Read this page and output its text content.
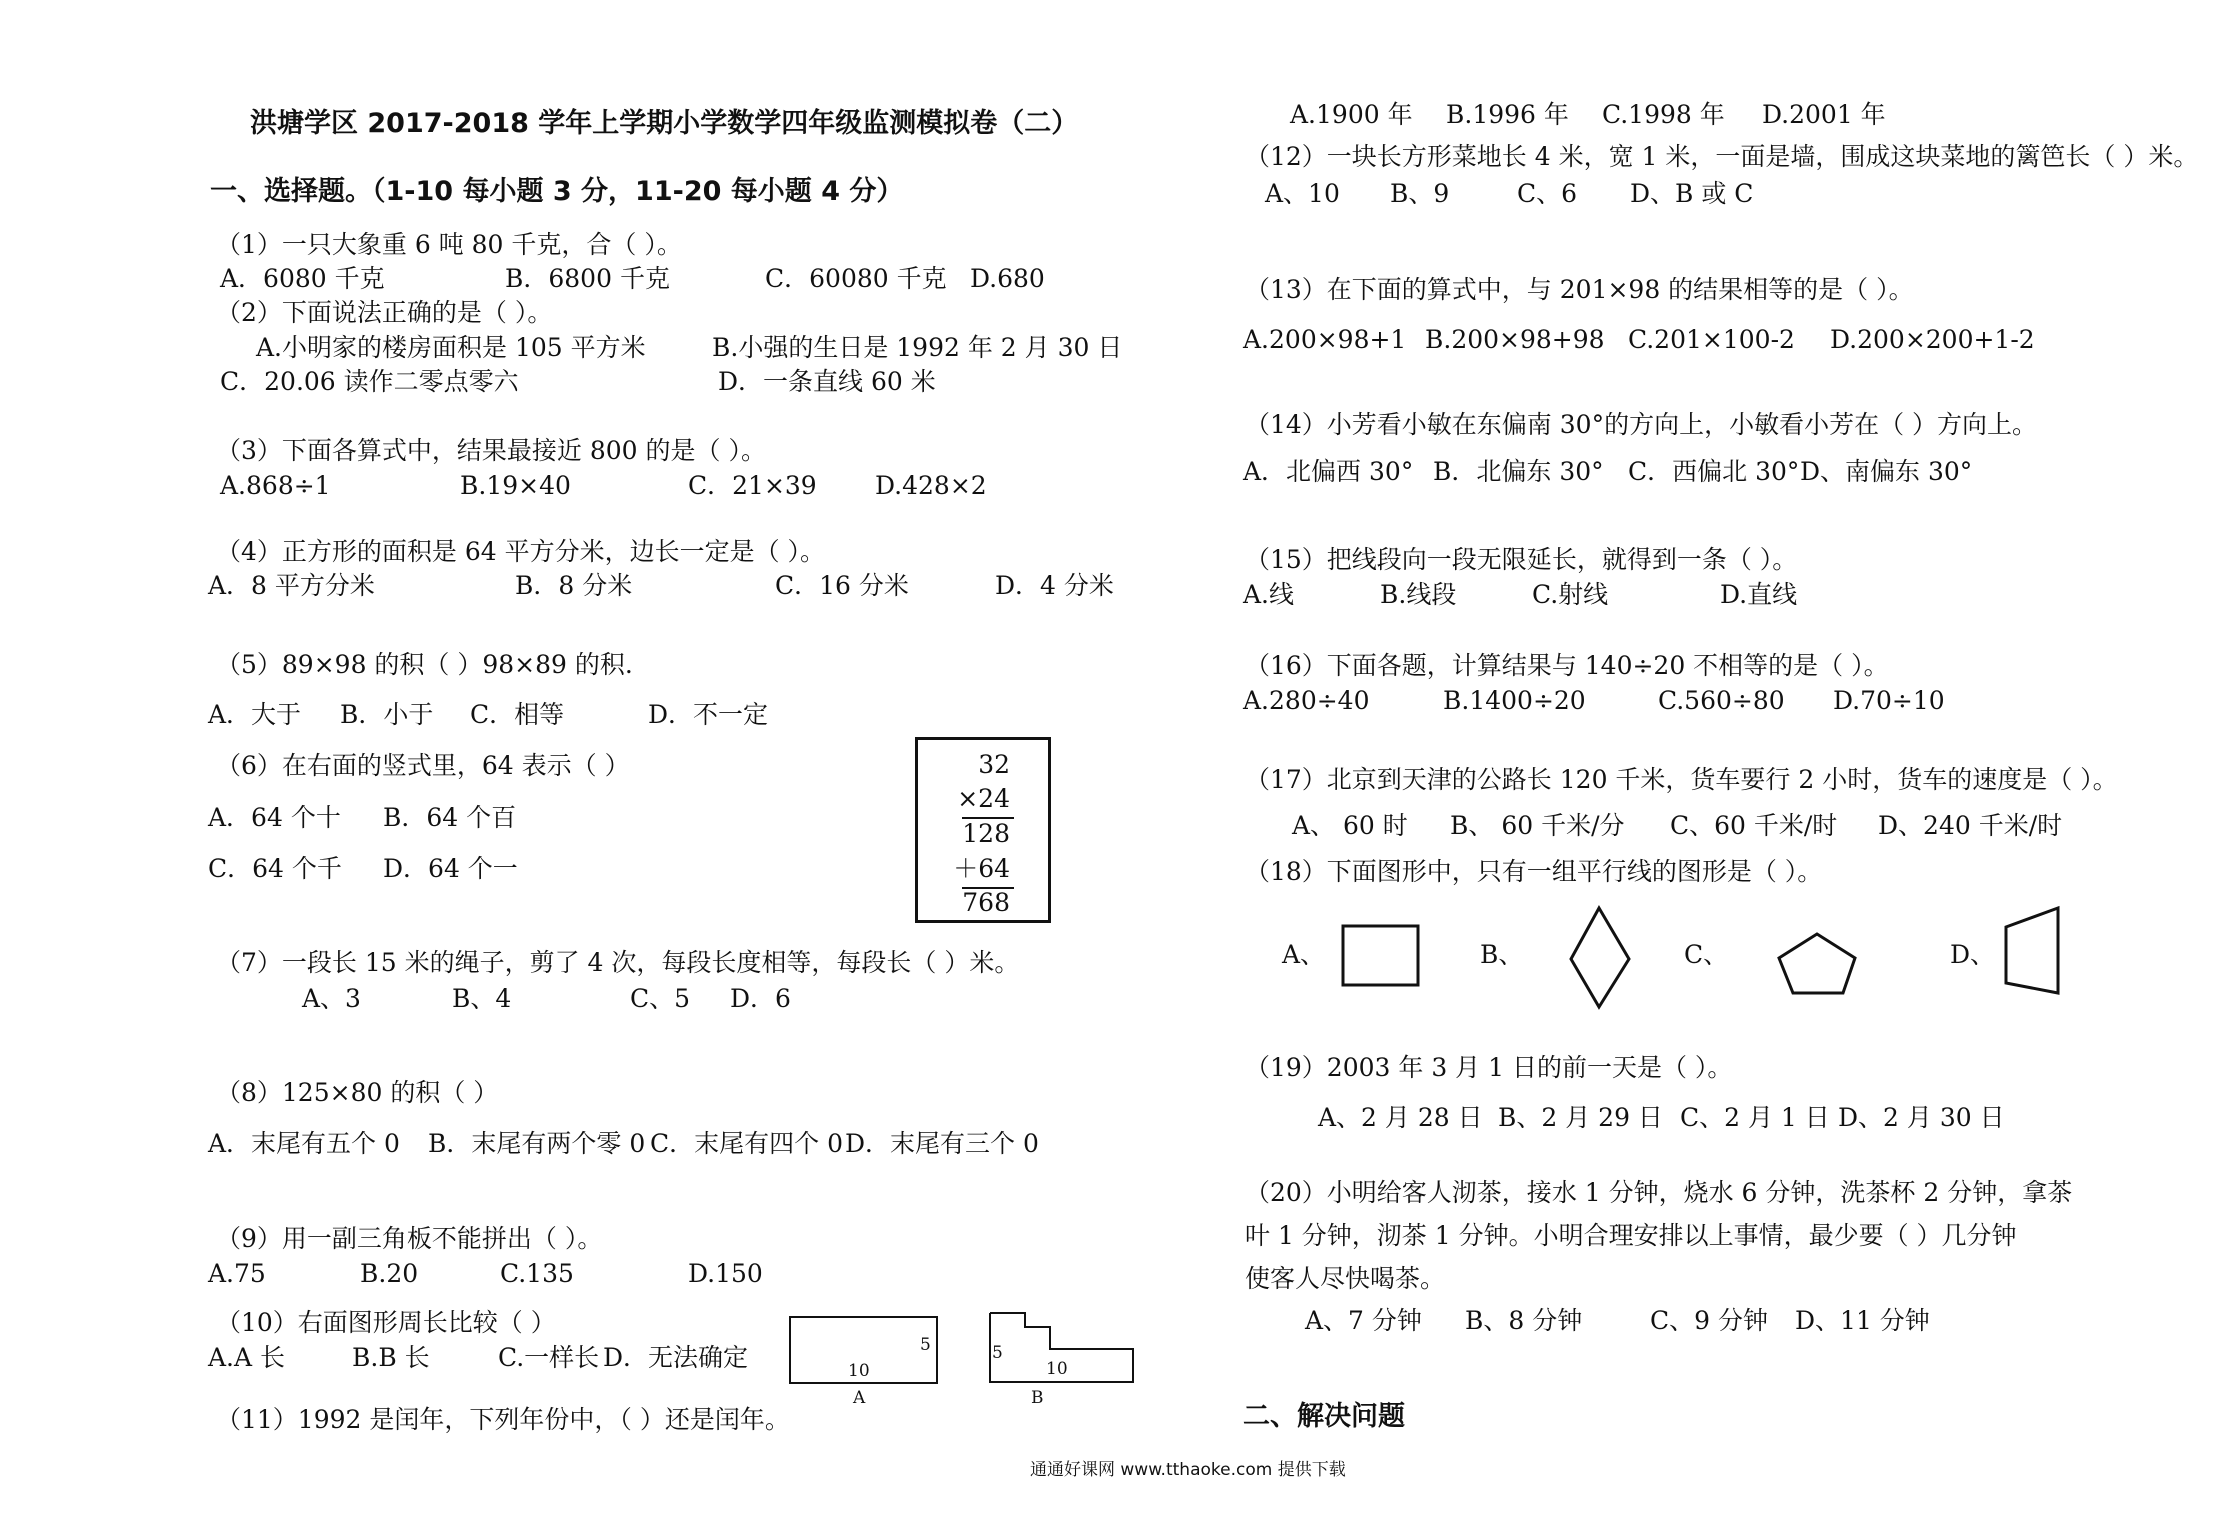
洪塘学区 2017-2018 学年上学期小学数学四年级监测模拟卷（二）
一、选择题。（1-10 每小题 3 分，11-20 每小题 4 分）
（1）一只大象重 6 吨 80 千克，合（ ）。
A．6080 千克	B．6800 千克	C．60080 千克 D.680
（2）下面说法正确的是（ ）。
A.小明家的楼房面积是 105 平方米	B.小强的生日是 1992 年 2 月 30 日
C．20.06 读作二零点零六	D．一条直线 60 米
（3）下面各算式中，结果最接近 800 的是（ ）。
A.868÷1	B.19×40	C．21×39 D.428×2
（4）正方形的面积是 64 平方分米，边长一定是（ ）。
A．8 平方分米	B．8 分米	C．16 分米	D．4 分米
（5）89×98 的积（ ）98×89 的积.
A．大于 B．小于 C．相等	D．不一定
（6）在右面的竖式里，64 表示（ ）
A．64 个十 B．64 个百
C．64 个千 D．64 个一
32
×24
128
＋64
768
（7）一段长 15 米的绳子，剪了 4 次，每段长度相等，每段长（ ）米。
A、3	B、4	C、5 D．6
（8）125×80 的积（ ）
A．末尾有五个 0 B．末尾有两个零 0 C．末尾有四个 0 D．末尾有三个 0
（9）用一副三角板不能拼出（ ）。
A.75	B.20	C.135	D.150
（10）右面图形周长比较（ ）
A.A 长	B.B 长	C.一样长 D．无法确定	10
5
A
10
5
B
（11）1992 是闰年，下列年份中，（ ）还是闰年。
A.1900 年 B.1996 年 C.1998 年 D.2001 年
（12）一块长方形菜地长 4 米，宽 1 米，一面是墙，围成这块菜地的篱笆长（ ）米。
A、10 B、9	C、6 D、B 或 C
（13）在下面的算式中，与 201×98 的结果相等的是（ ）。
A.200×98+1 B.200×98+98 C.201×100-2 D.200×200+1-2
（14）小芳看小敏在东偏南 30°的方向上，小敏看小芳在（ ）方向上。
A．北偏西 30° B．北偏东 30° C．西偏北 30° D、南偏东 30°
（15）把线段向一段无限延长，就得到一条（ ）。
A.线	B.线段	C.射线	D.直线
（16）下面各题，计算结果与 140÷20 不相等的是（ ）。
A.280÷40	B.1400÷20	C.560÷80 D.70÷10
（17）北京到天津的公路长 120 千米，货车要行 2 小时，货车的速度是（ ）。
A、 60 时 B、 60 千米/分 C、60 千米/时 D、240 千米/时
（18）下面图形中，只有一组平行线的图形是（ ）。
A、	B、	C、	D、
（19）2003 年 3 月 1 日的前一天是（ ）。
A、2 月 28 日 B、2 月 29 日 C、2 月 1 日 D、2 月 30 日
（20）小明给客人沏茶，接水 1 分钟，烧水 6 分钟，洗茶杯 2 分钟，拿茶
叶 1 分钟，沏茶 1 分钟。小明合理安排以上事情，最少要（ ）几分钟
使客人尽快喝茶。
A、7 分钟 B、8 分钟	C、9 分钟 D、11 分钟
二、解决问题
通通好课网 www.tthaoke.com 提供下载
